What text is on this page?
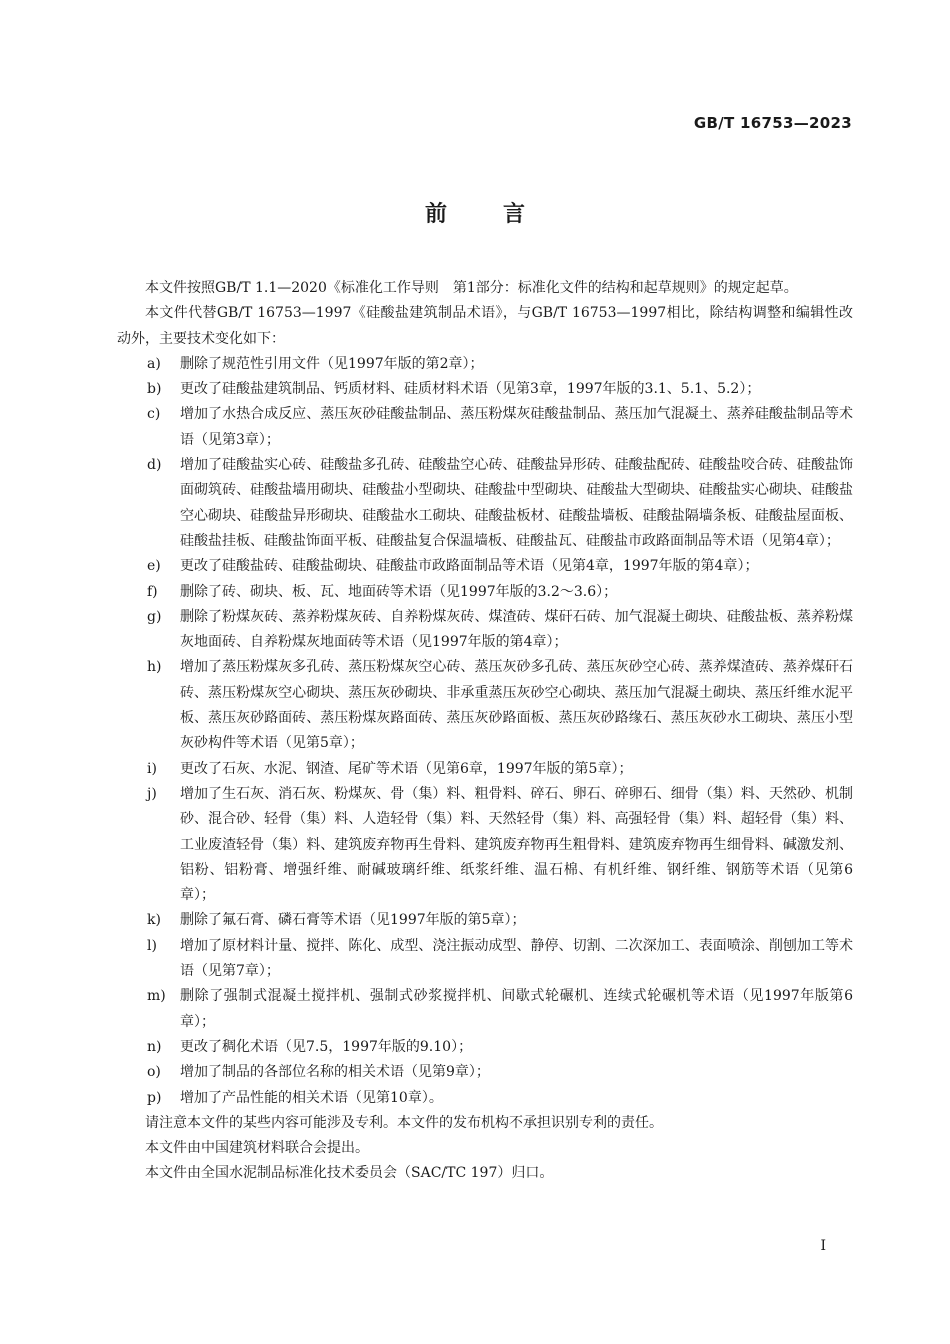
GB/T 16753—2023
前言

本文件按照GB/T 1.1—2020《标准化工作导则　第1部分：标准化文件的结构和起草规则》的规定起草。

本文件代替GB/T 16753—1997《硅酸盐建筑制品术语》，与GB/T 16753—1997相比，除结构调整和编辑性改动外，主要技术变化如下：

a) 删除了规范性引用文件（见1997年版的第2章）；
b) 更改了硅酸盐建筑制品、钙质材料、硅质材料术语（见第3章，1997年版的3.1、5.1、5.2）；
c) 增加了水热合成反应、蒸压灰砂硅酸盐制品、蒸压粉煤灰硅酸盐制品、蒸压加气混凝土、蒸养硅酸盐制品等术语（见第3章）；
d) 增加了硅酸盐实心砖、硅酸盐多孔砖、硅酸盐空心砖、硅酸盐异形砖、硅酸盐配砖、硅酸盐咬合砖、硅酸盐饰面砌筑砖、硅酸盐墙用砌块、硅酸盐小型砌块、硅酸盐中型砌块、硅酸盐大型砌块、硅酸盐实心砌块、硅酸盐空心砌块、硅酸盐异形砌块、硅酸盐水工砌块、硅酸盐板材、硅酸盐墙板、硅酸盐隔墙条板、硅酸盐屋面板、硅酸盐挂板、硅酸盐饰面平板、硅酸盐复合保温墙板、硅酸盐瓦、硅酸盐市政路面制品等术语（见第4章）；
e) 更改了硅酸盐砖、硅酸盐砌块、硅酸盐市政路面制品等术语（见第4章，1997年版的第4章）；
f) 删除了砖、砌块、板、瓦、地面砖等术语（见1997年版的3.2～3.6）；
g) 删除了粉煤灰砖、蒸养粉煤灰砖、自养粉煤灰砖、煤渣砖、煤矸石砖、加气混凝土砌块、硅酸盐板、蒸养粉煤灰地面砖、自养粉煤灰地面砖等术语（见1997年版的第4章）；
h) 增加了蒸压粉煤灰多孔砖、蒸压粉煤灰空心砖、蒸压灰砂多孔砖、蒸压灰砂空心砖、蒸养煤渣砖、蒸养煤矸石砖、蒸压粉煤灰空心砌块、蒸压灰砂砌块、非承重蒸压灰砂空心砌块、蒸压加气混凝土砌块、蒸压纤维水泥平板、蒸压灰砂路面砖、蒸压粉煤灰路面砖、蒸压灰砂路面板、蒸压灰砂路缘石、蒸压灰砂水工砌块、蒸压小型灰砂构件等术语（见第5章）；
i) 更改了石灰、水泥、钢渣、尾矿等术语（见第6章，1997年版的第5章）；
j) 增加了生石灰、消石灰、粉煤灰、骨（集）料、粗骨料、碎石、卵石、碎卵石、细骨（集）料、天然砂、机制砂、混合砂、轻骨（集）料、人造轻骨（集）料、天然轻骨（集）料、高强轻骨（集）料、超轻骨（集）料、工业废渣轻骨（集）料、建筑废弃物再生骨料、建筑废弃物再生粗骨料、建筑废弃物再生细骨料、碱激发剂、铝粉、铝粉膏、增强纤维、耐碱玻璃纤维、纸浆纤维、温石棉、有机纤维、钢纤维、钢筋等术语（见第6章）；
k) 删除了氟石膏、磷石膏等术语（见1997年版的第5章）；
l) 增加了原材料计量、搅拌、陈化、成型、浇注振动成型、静停、切割、二次深加工、表面喷涂、削刨加工等术语（见第7章）；
m) 删除了强制式混凝土搅拌机、强制式砂浆搅拌机、间歇式轮碾机、连续式轮碾机等术语（见1997年版第6章）；
n) 更改了稠化术语（见7.5，1997年版的9.10）；
o) 增加了制品的各部位名称的相关术语（见第9章）；
p) 增加了产品性能的相关术语（见第10章）。

请注意本文件的某些内容可能涉及专利。本文件的发布机构不承担识别专利的责任。

本文件由中国建筑材料联合会提出。

本文件由全国水泥制品标准化技术委员会（SAC/TC 197）归口。

I
